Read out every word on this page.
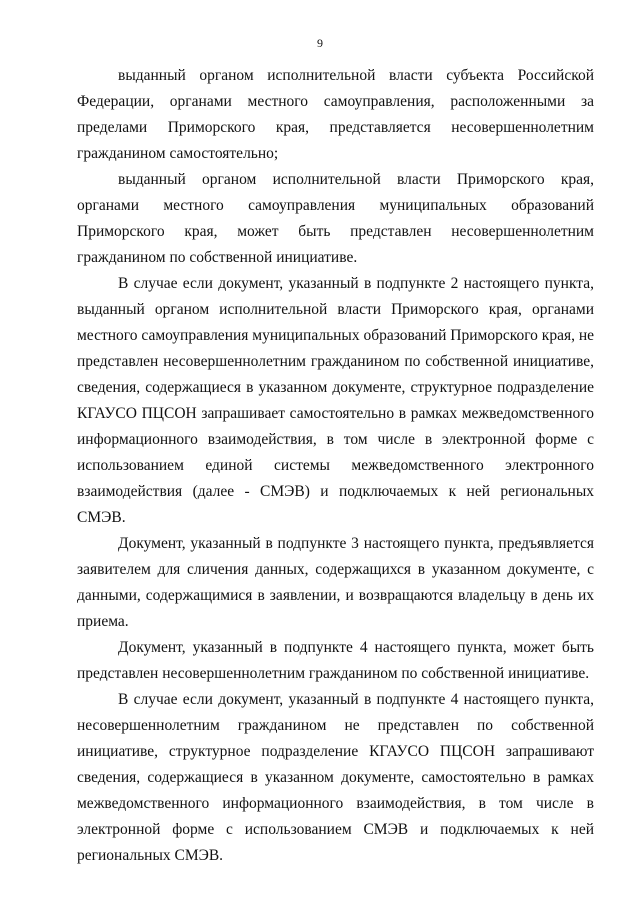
9

выданный органом исполнительной власти субъекта Российской Федерации, органами местного самоуправления, расположенными за пределами Приморского края, представляется несовершеннолетним гражданином самостоятельно;

выданный органом исполнительной власти Приморского края, органами местного самоуправления муниципальных образований Приморского края, может быть представлен несовершеннолетним гражданином по собственной инициативе.

В случае если документ, указанный в подпункте 2 настоящего пункта, выданный органом исполнительной власти Приморского края, органами местного самоуправления муниципальных образований Приморского края, не представлен несовершеннолетним гражданином по собственной инициативе, сведения, содержащиеся в указанном документе, структурное подразделение КГАУСО ПЦСОН запрашивает самостоятельно в рамках межведомственного информационного взаимодействия, в том числе в электронной форме с использованием единой системы межведомственного электронного взаимодействия (далее - СМЭВ) и подключаемых к ней региональных СМЭВ.

Документ, указанный в подпункте 3 настоящего пункта, предъявляется заявителем для сличения данных, содержащихся в указанном документе, с данными, содержащимися в заявлении, и возвращаются владельцу в день их приема.

Документ, указанный в подпункте 4 настоящего пункта, может быть представлен несовершеннолетним гражданином по собственной инициативе.

В случае если документ, указанный в подпункте 4 настоящего пункта, несовершеннолетним гражданином не представлен по собственной инициативе, структурное подразделение КГАУСО ПЦСОН запрашивают сведения, содержащиеся в указанном документе, самостоятельно в рамках межведомственного информационного взаимодействия, в том числе в электронной форме с использованием СМЭВ и подключаемых к ней региональных СМЭВ.
